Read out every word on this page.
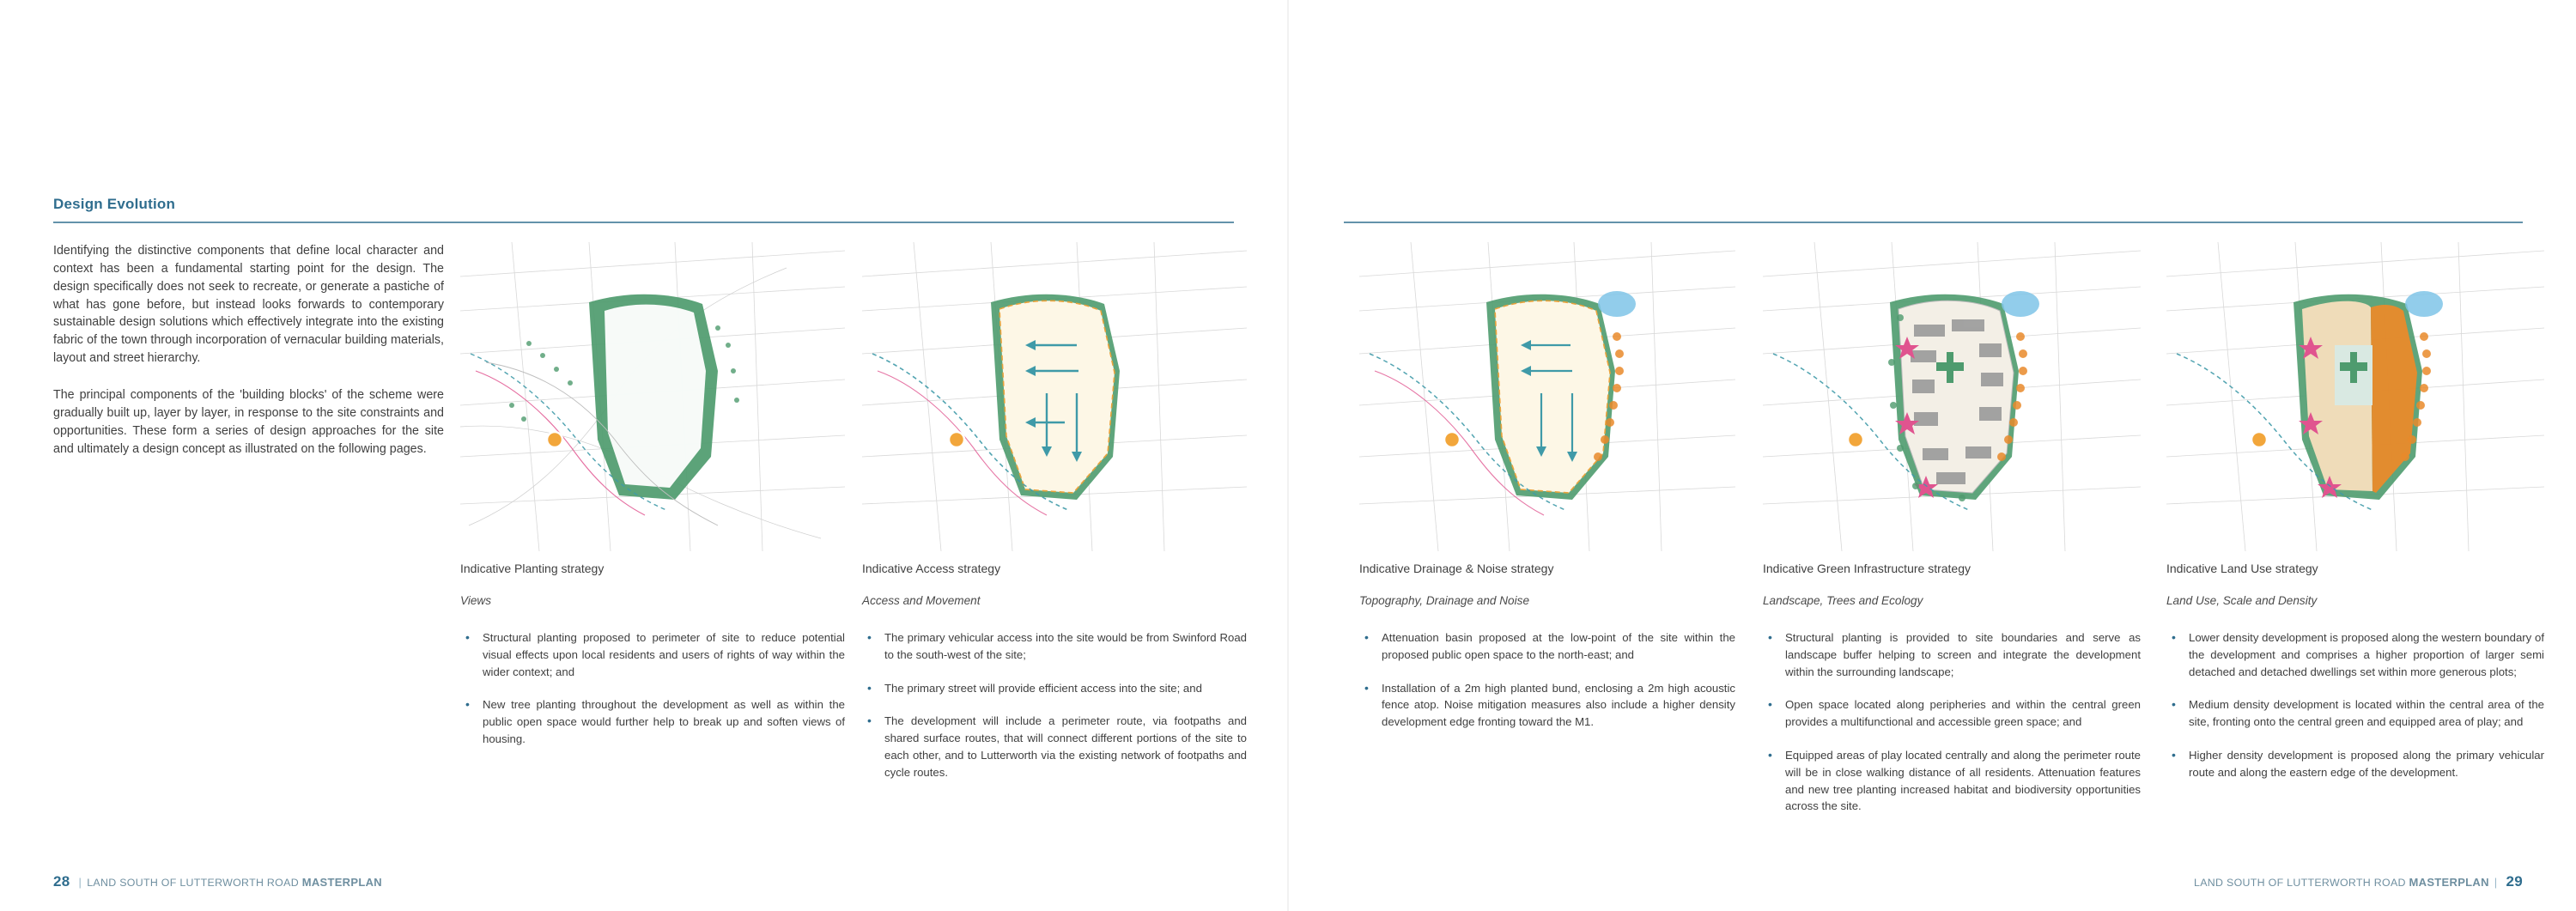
Design Evolution

Identifying the distinctive components that define local character and context has been a fundamental starting point for the design. The design specifically does not seek to recreate, or generate a pastiche of what has gone before, but instead looks forwards to contemporary sustainable design solutions which effectively integrate into the existing fabric of the town through incorporation of vernacular building materials, layout and street hierarchy.

The principal components of the 'building blocks' of the scheme were gradually built up, layer by layer, in response to the site constraints and opportunities. These form a series of design approaches for the site and ultimately a design concept as illustrated on the following pages.

Indicative Planting strategy
Views
• Structural planting proposed to perimeter of site to reduce potential visual effects upon local residents and users of rights of way within the wider context; and
• New tree planting throughout the development as well as within the public open space would further help to break up and soften views of housing.
Indicative Access strategy
Access and Movement
• The primary vehicular access into the site would be from Swinford Road to the south-west of the site;
• The primary street will provide efficient access into the site; and
• The development will include a perimeter route, via footpaths and shared surface routes, that will connect different portions of the site to each other, and to Lutterworth via the existing network of footpaths and cycle routes.
28 | LAND SOUTH OF LUTTERWORTH ROAD MASTERPLAN
Indicative Drainage & Noise strategy
Topography, Drainage and Noise
• Attenuation basin proposed at the low-point of the site within the proposed public open space to the north-east; and
• Installation of a 2m high planted bund, enclosing a 2m high acoustic fence atop. Noise mitigation measures also include a higher density development edge fronting toward the M1.
Indicative Green Infrastructure strategy
Landscape, Trees and Ecology
• Structural planting is provided to site boundaries and serve as landscape buffer helping to screen and integrate the development within the surrounding landscape;
• Open space located along peripheries and within the central green provides a multifunctional and accessible green space; and
• Equipped areas of play located centrally and along the perimeter route will be in close walking distance of all residents. Attenuation features and new tree planting increased habitat and biodiversity opportunities across the site.
Indicative Land Use strategy
Land Use, Scale and Density
• Lower density development is proposed along the western boundary of the development and comprises a higher proportion of larger semi detached and detached dwellings set within more generous plots;
• Medium density development is located within the central area of the site, fronting onto the central green and equipped area of play; and
• Higher density development is proposed along the primary vehicular route and along the eastern edge of the development.
LAND SOUTH OF LUTTERWORTH ROAD MASTERPLAN | 29
